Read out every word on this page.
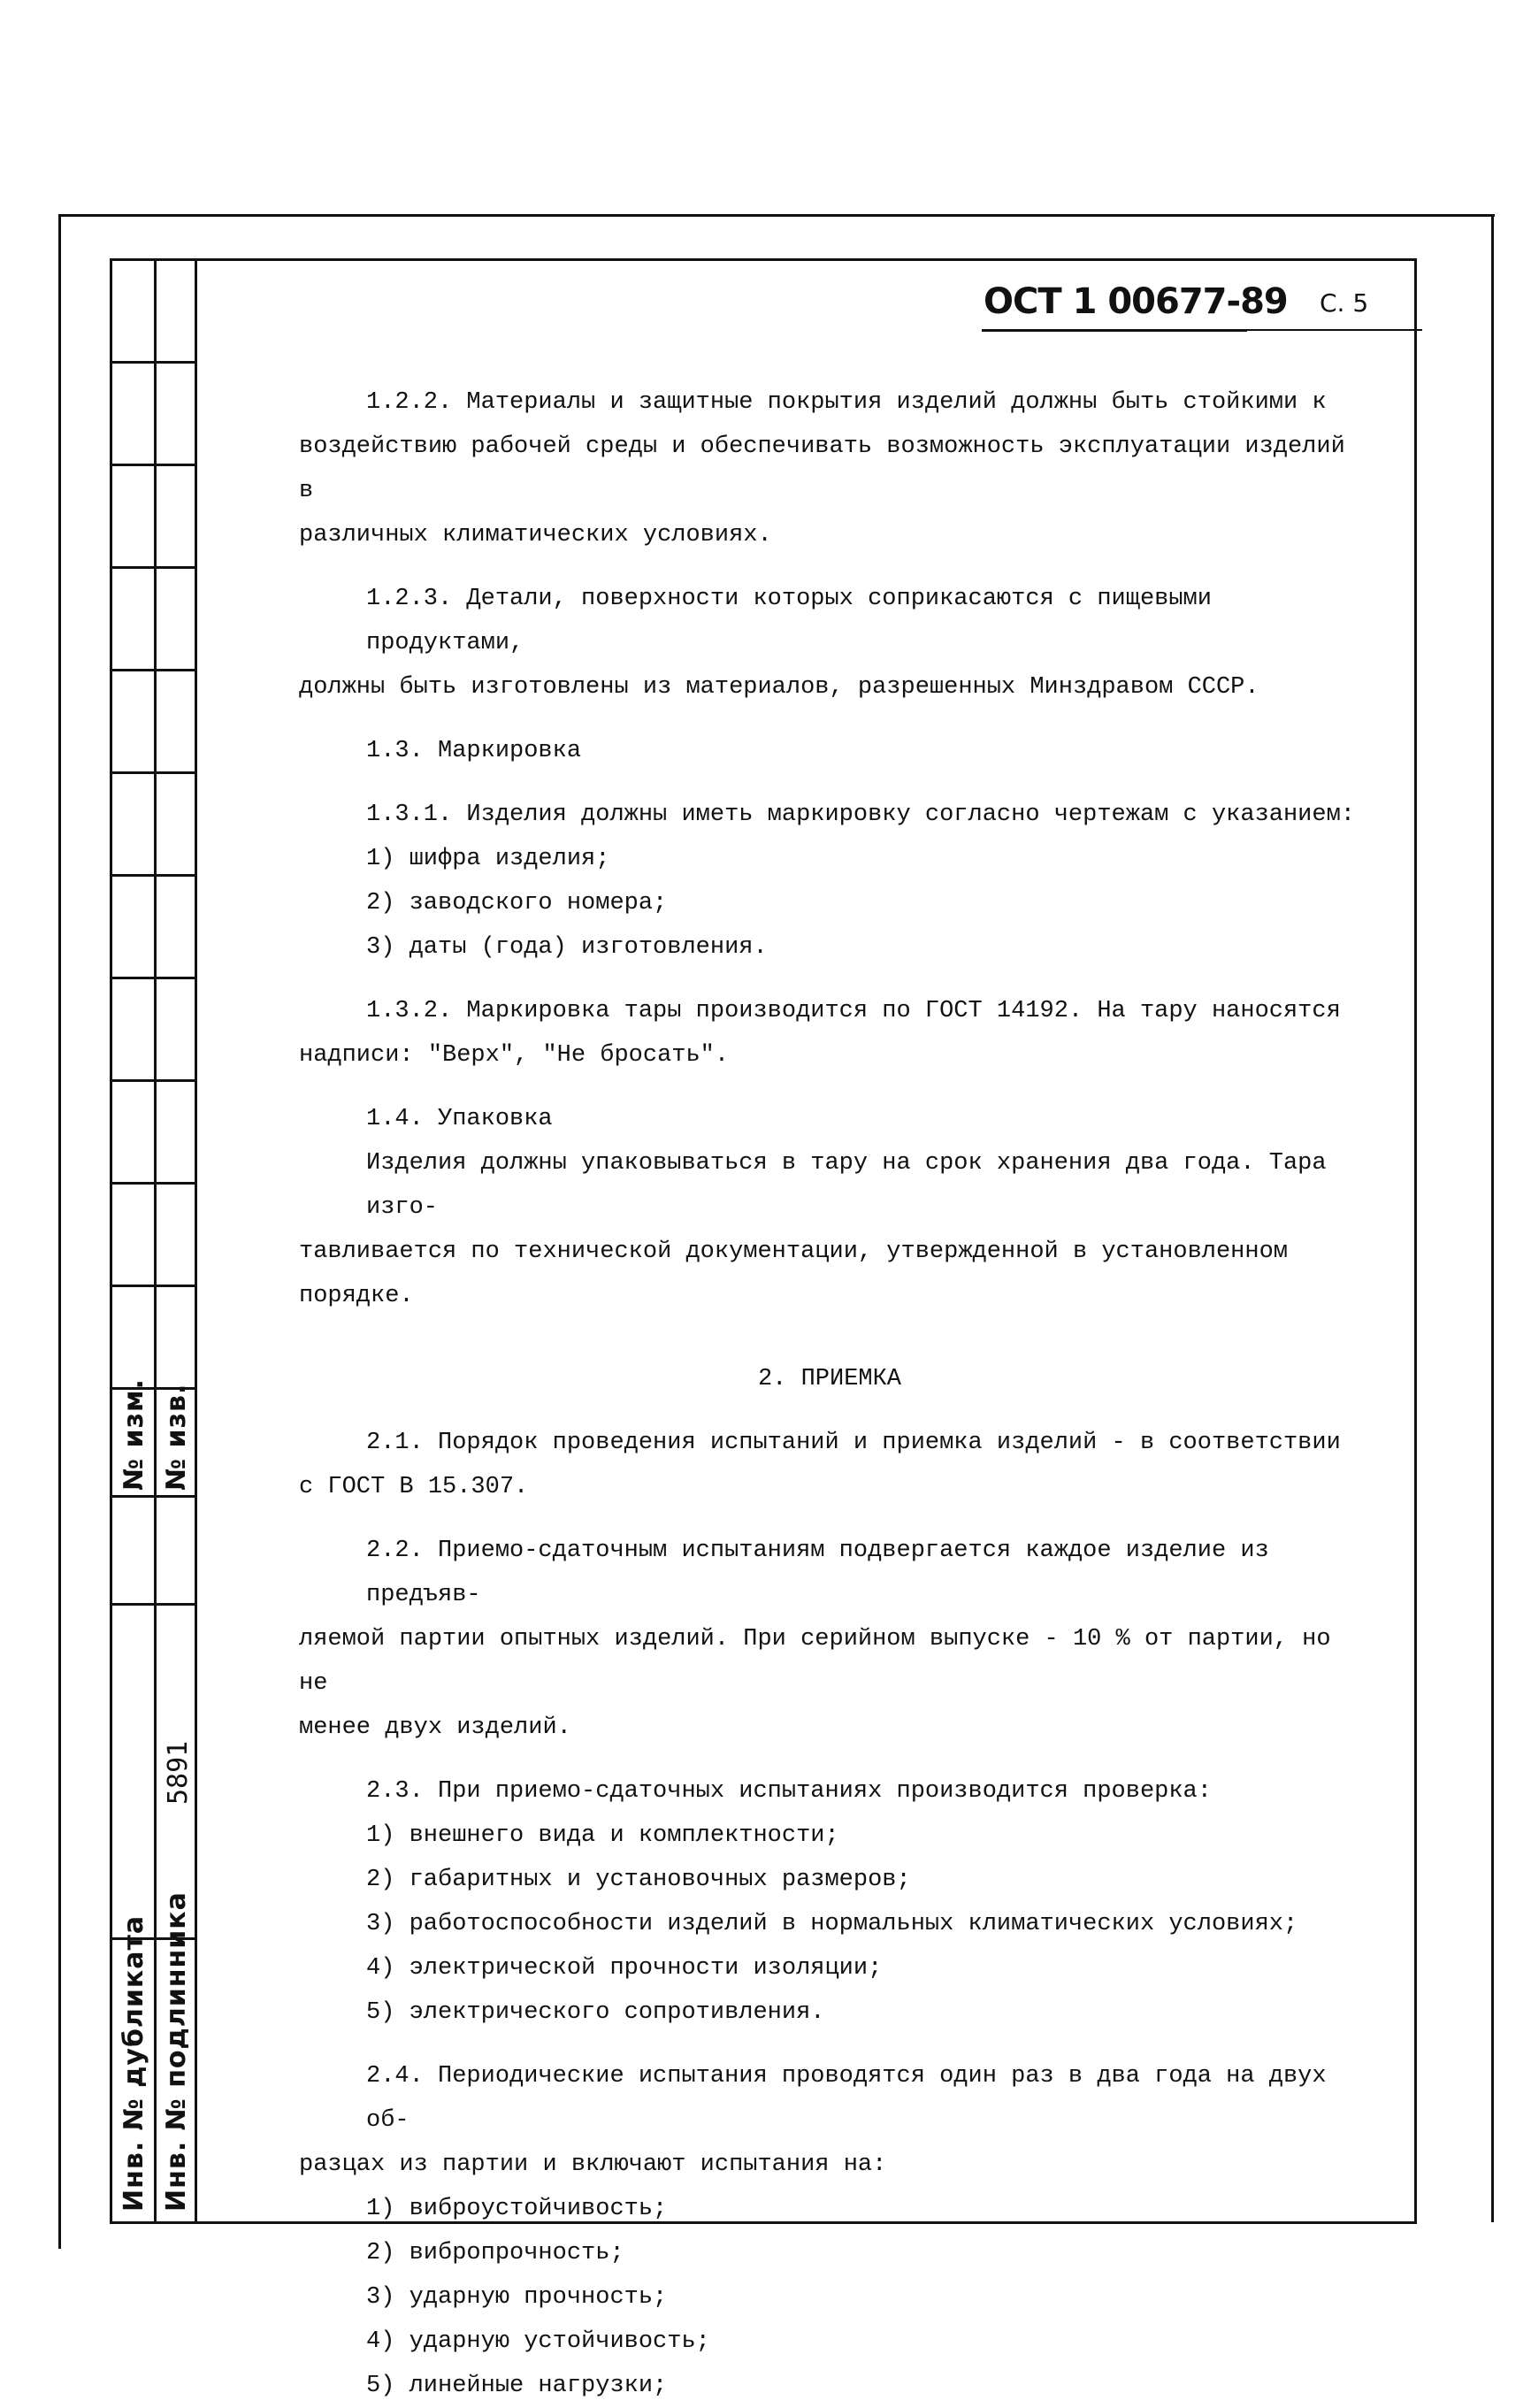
№ изм. № изв.
5891
Инв. № дубликата Инв. № подлинника
ОСТ 1 00677-89 С. 5

1.2.2. Материалы и защитные покрытия изделий должны быть стойкими к

воздействию рабочей среды и обеспечивать возможность эксплуатации изделий в

различных климатических условиях.

1.2.3. Детали, поверхности которых соприкасаются с пищевыми продуктами,

должны быть изготовлены из материалов, разрешенных Минздравом СССР.

1.3. Маркировка

1.3.1. Изделия должны иметь маркировку согласно чертежам с указанием:

1) шифра изделия;

2) заводского номера;

3) даты (года) изготовления.

1.3.2. Маркировка тары производится по ГОСТ 14192. На тару наносятся

надписи: "Верх", "Не бросать".

1.4. Упаковка

Изделия должны упаковываться в тару на срок хранения два года. Тара изго-

тавливается по технической документации, утвержденной в установленном порядке.

2. ПРИЕМКА

2.1. Порядок проведения испытаний и приемка изделий - в соответствии

с ГОСТ В 15.307.

2.2. Приемо-сдаточным испытаниям подвергается каждое изделие из предъяв-

ляемой партии опытных изделий. При серийном выпуске - 10 % от партии, но не

менее двух изделий.

2.3. При приемо-сдаточных испытаниях производится проверка:

1) внешнего вида и комплектности;

2) габаритных и установочных размеров;

3) работоспособности изделий в нормальных климатических условиях;

4) электрической прочности изоляции;

5) электрического сопротивления.

2.4. Периодические испытания проводятся один раз в два года на двух об-

разцах из партии и включают испытания на:

1) виброустойчивость;

2) вибропрочность;

3) ударную прочность;

4) ударную устойчивость;

5) линейные нагрузки;
